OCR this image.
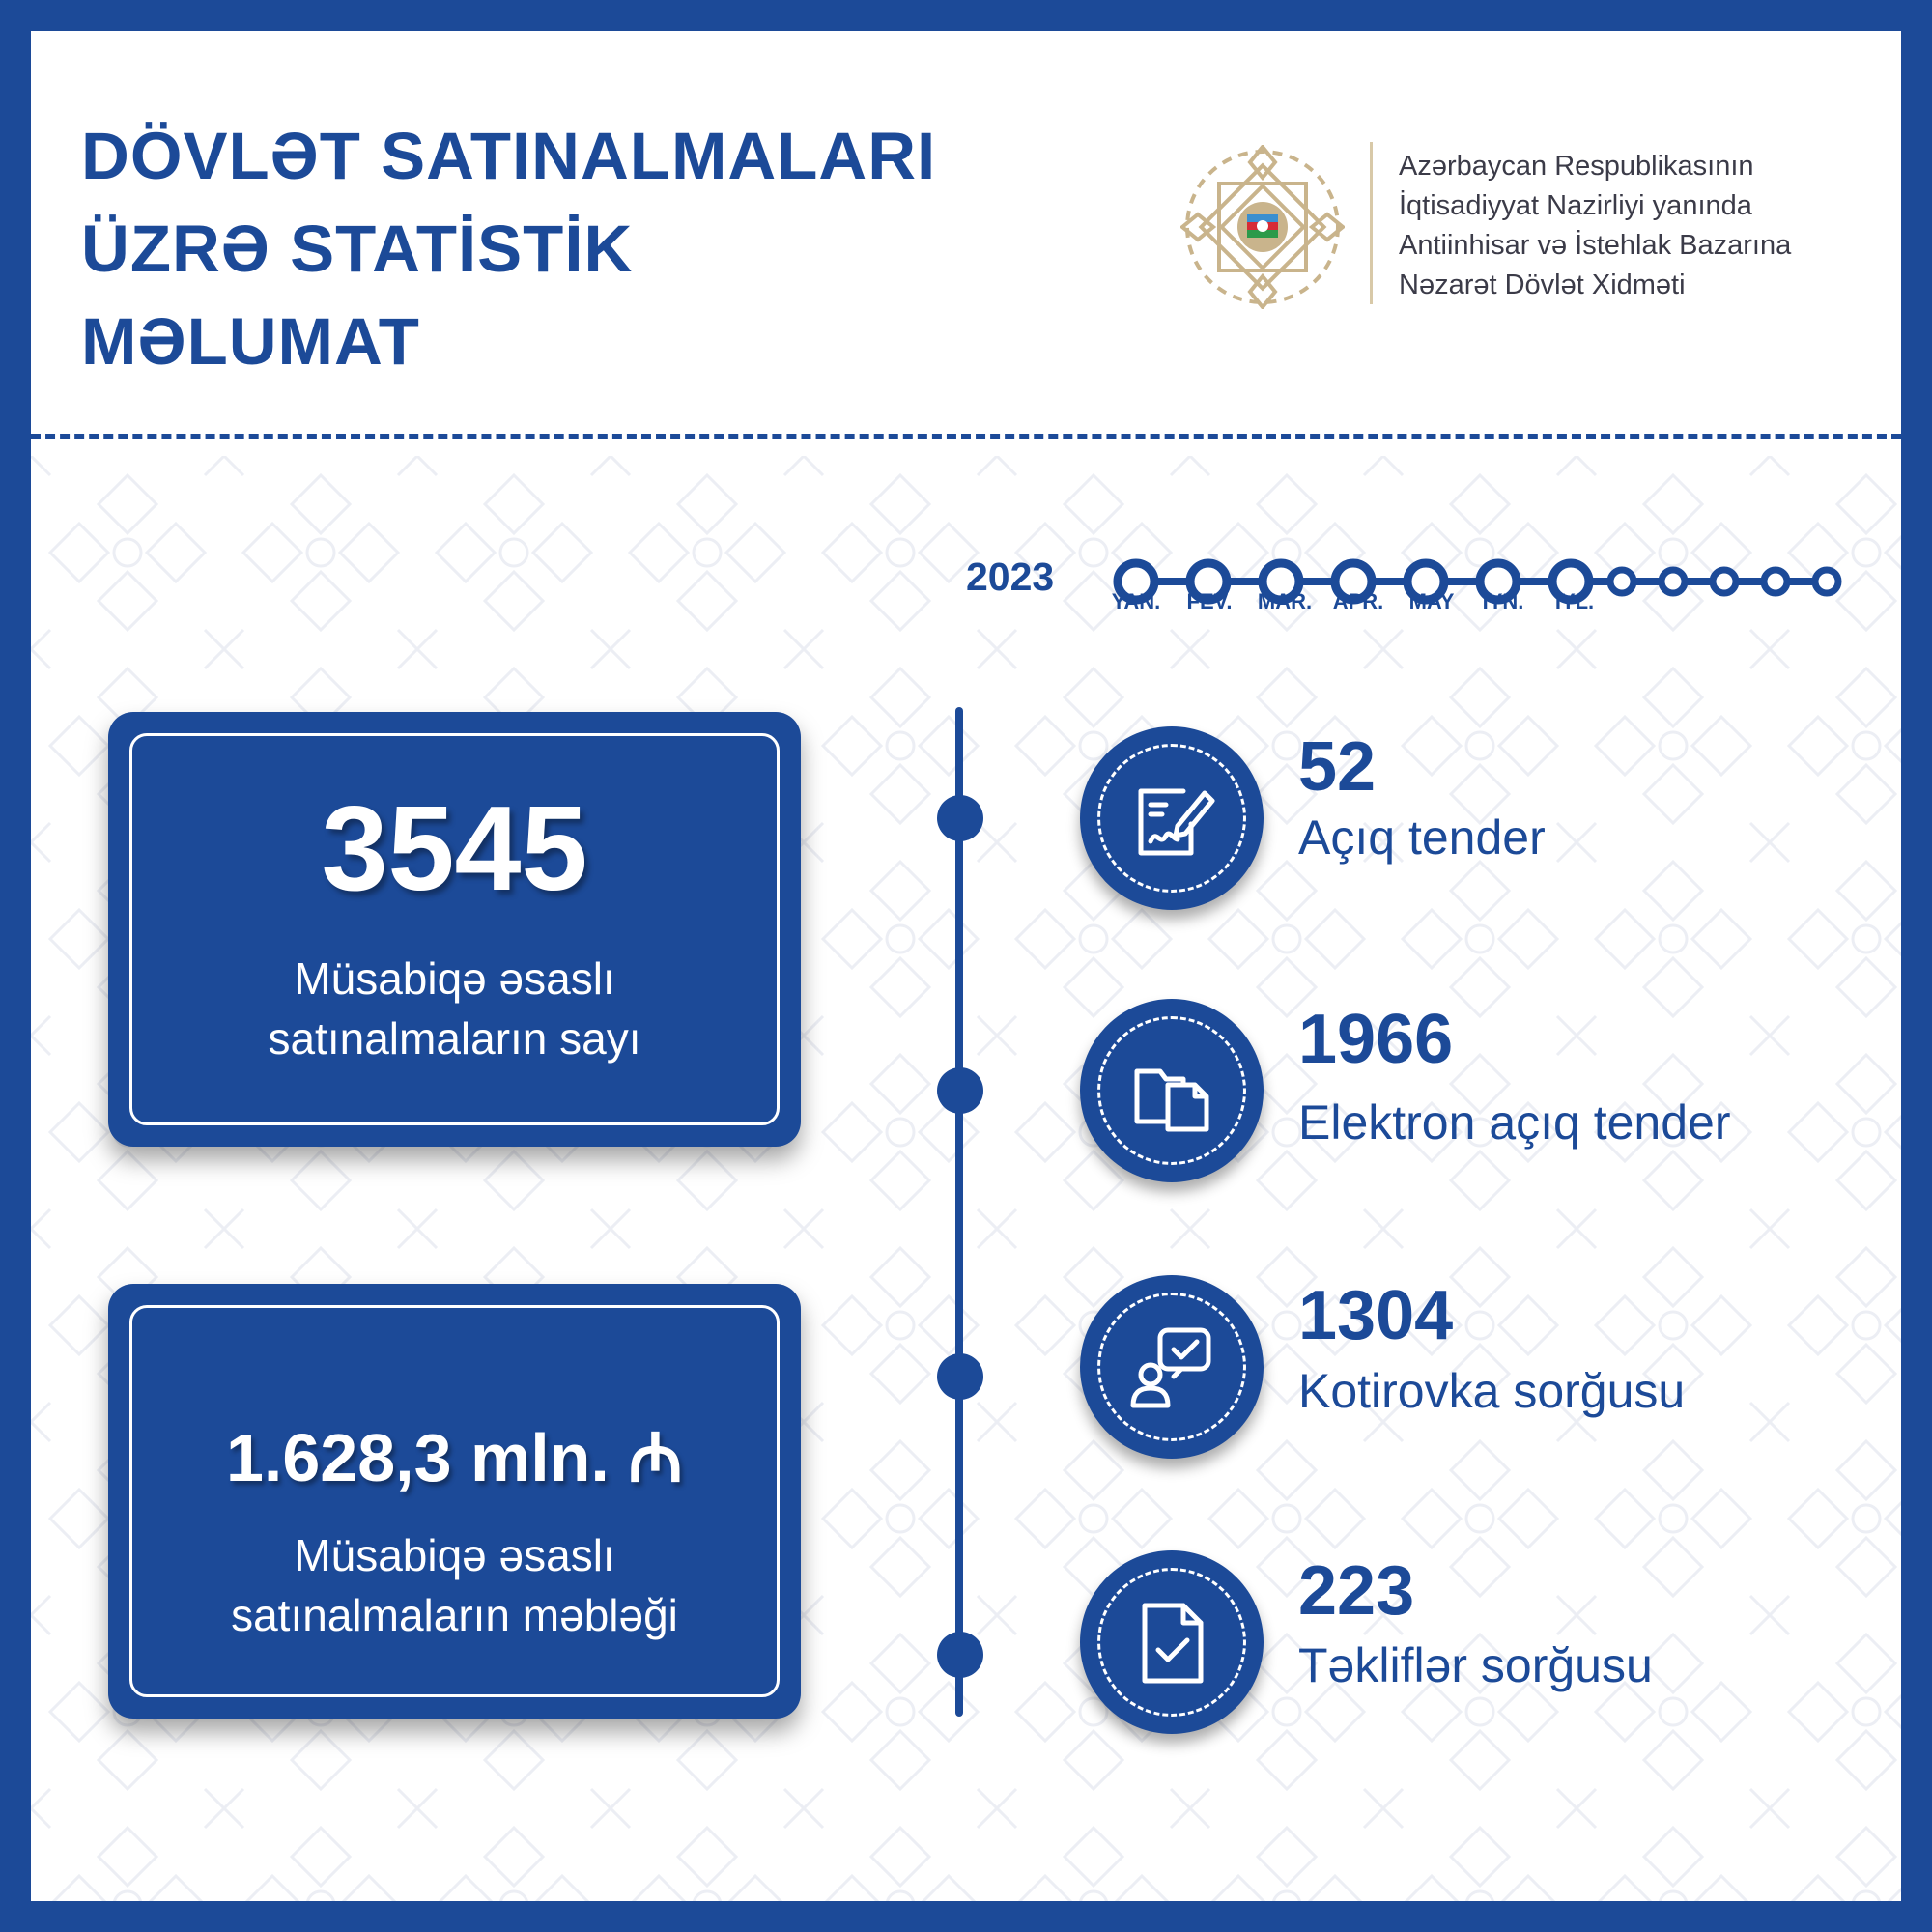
DÖVLƏT SATINALMALARI
ÜZRƏ STATİSTİK
MƏLUMAT
Azərbaycan Respublikasının
İqtisadiyyat Nazirliyi yanında
Antiinhisar və İstehlak Bazarına
Nəzarət Dövlət Xidməti
2023
YAN.	FEV.	MAR. APR.	MAY	İYN.	İYL.
3545
Müsabiqə əsaslı
satınalmaların sayı
1.628,3 mln. ₼
Müsabiqə əsaslı
satınalmaların məbləği
52
Açıq tender
1966
Elektron açıq tender
1304
Kotirovka sorğusu
223
Təkliflər sorğusu
